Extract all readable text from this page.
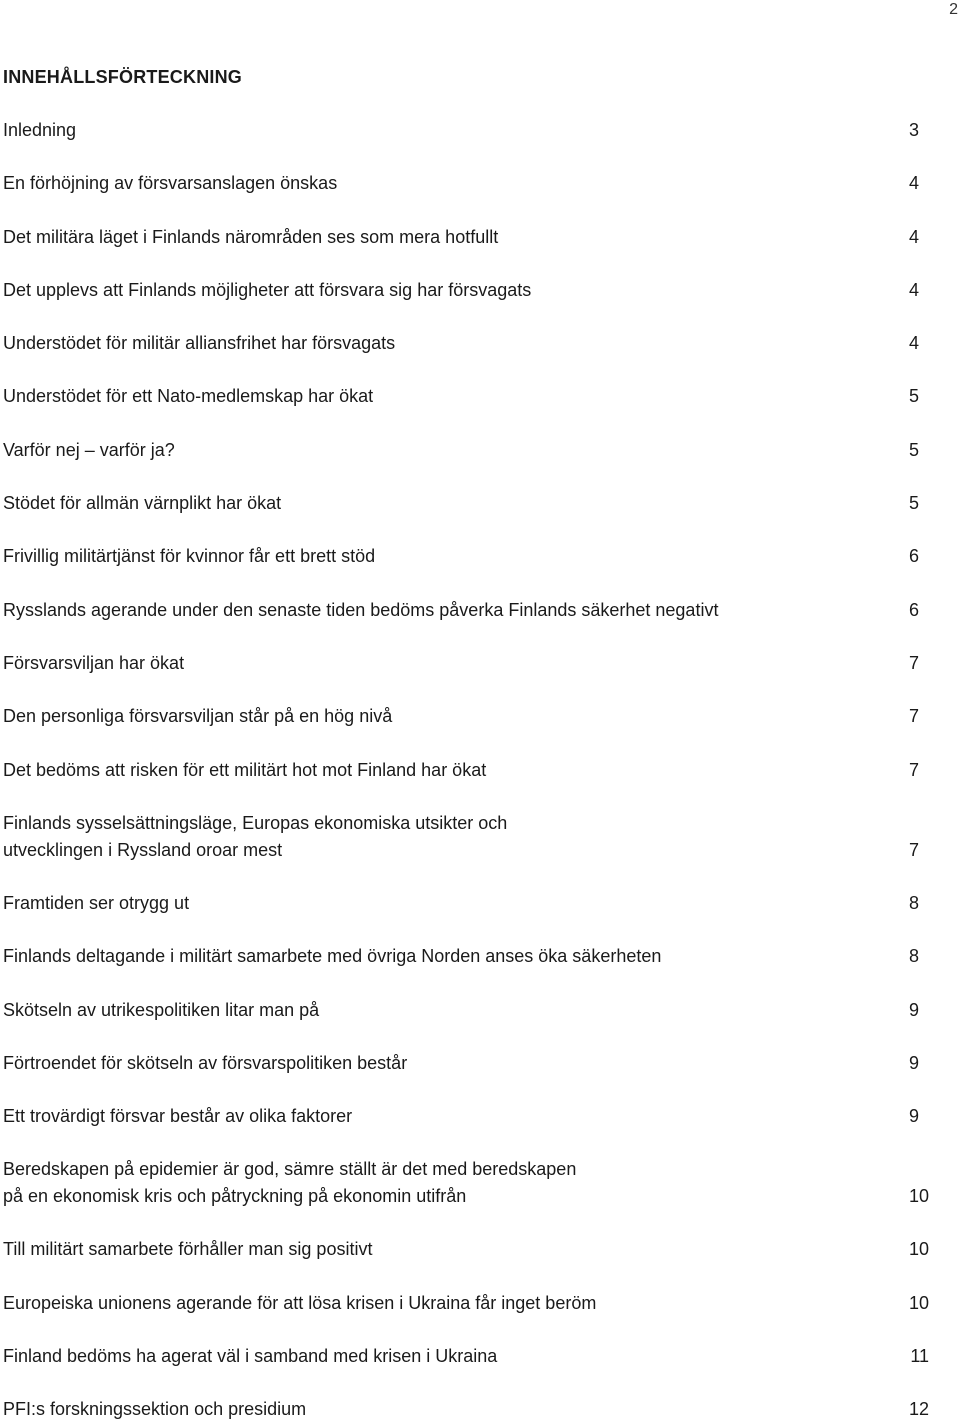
2
INNEHÅLLSFÖRTECKNING
Inledning	3
En förhöjning av försvarsanslagen önskas	4
Det militära läget i Finlands närområden ses som mera hotfullt	4
Det upplevs att Finlands möjligheter att försvara sig har försvagats	4
Understödet för militär alliansfrihet har försvagats	4
Understödet för ett Nato-medlemskap har ökat	5
Varför nej – varför ja?	5
Stödet för allmän värnplikt har ökat	5
Frivillig militärtjänst för kvinnor får ett brett stöd	6
Rysslands agerande under den senaste tiden bedöms påverka Finlands säkerhet negativt	6
Försvarsviljan har ökat	7
Den personliga försvarsviljan står på en hög nivå	7
Det bedöms att risken för ett militärt hot mot Finland har ökat	7
Finlands sysselsättningsläge, Europas ekonomiska utsikter och
utvecklingen i Ryssland oroar mest	7
Framtiden ser otrygg ut	8
Finlands deltagande i militärt samarbete med övriga Norden anses öka säkerheten	8
Skötseln av utrikespolitiken litar man på	9
Förtroendet för skötseln av försvarspolitiken består	9
Ett trovärdigt försvar består av olika faktorer	9
Beredskapen på epidemier är god, sämre ställt är det med beredskapen
på en ekonomisk kris och påtryckning på ekonomin utifrån	10
Till militärt samarbete förhåller man sig positivt	10
Europeiska unionens agerande för att lösa krisen i Ukraina får inget beröm	10
Finland bedöms ha agerat väl i samband med krisen i Ukraina	11
PFI:s forskningssektion och presidium	12
